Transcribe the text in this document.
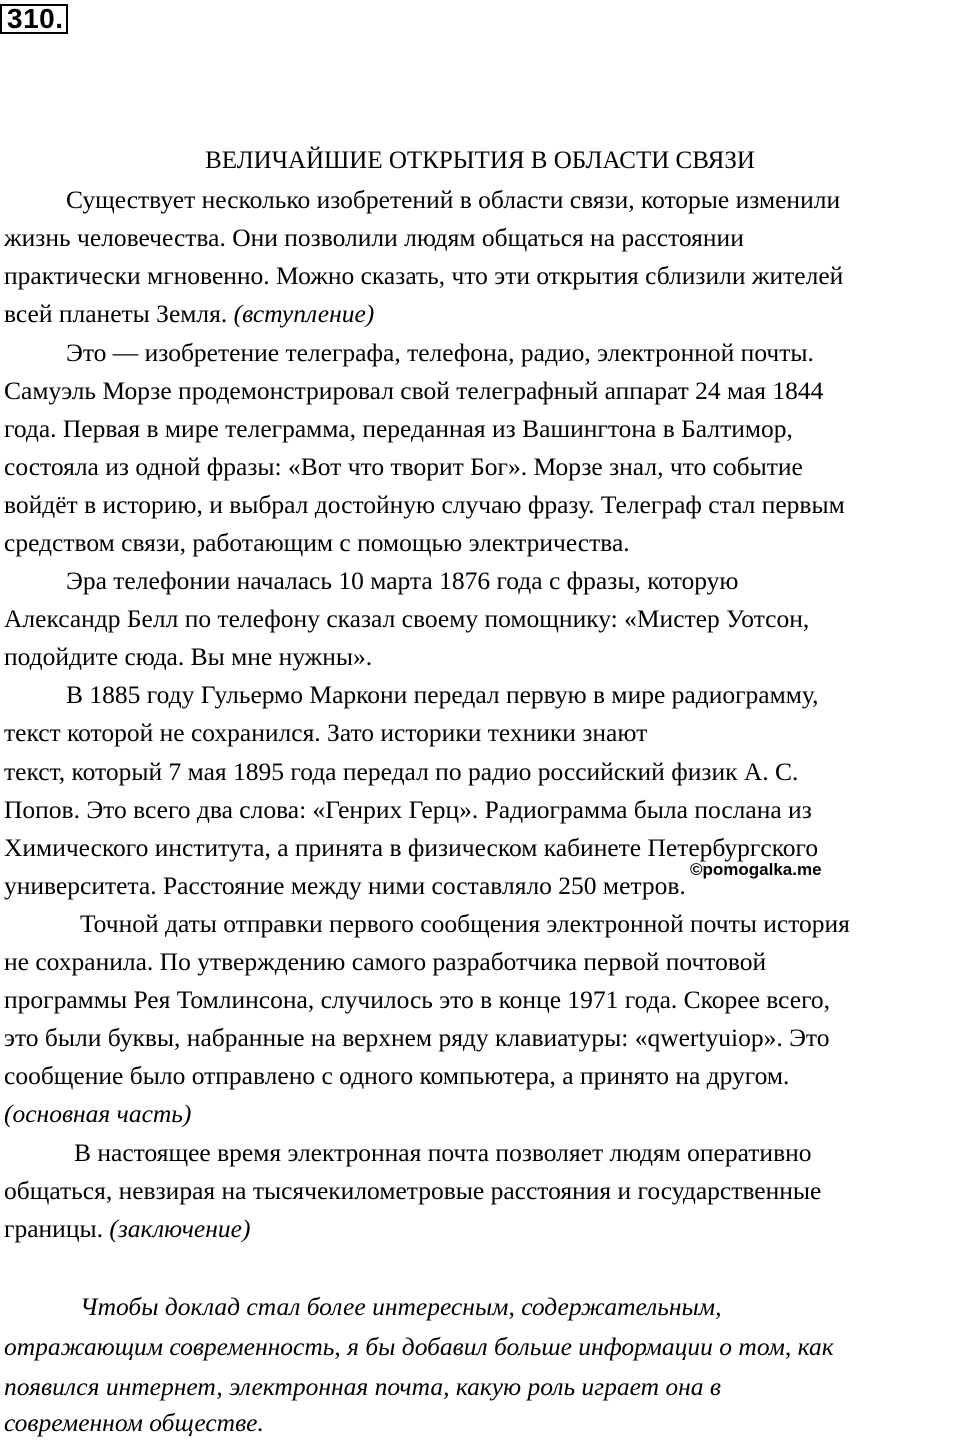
310.
ВЕЛИЧАЙШИЕ ОТКРЫТИЯ В ОБЛАСТИ СВЯЗИ
Существует несколько изобретений в области связи, которые изменили
жизнь человечества. Они позволили людям общаться на расстоянии
практически мгновенно. Можно сказать, что эти открытия сблизили жителей
всей планеты Земля. (вступление)
Это — изобретение телеграфа, телефона, радио, электронной почты.
Самуэль Морзе продемонстрировал свой телеграфный аппарат 24 мая 1844
года. Первая в мире телеграмма, переданная из Вашингтона в Балтимор,
состояла из одной фразы: «Вот что творит Бог». Морзе знал, что событие
войдёт в историю, и выбрал достойную случаю фразу. Телеграф стал первым
средством связи, работающим с помощью электричества.
Эра телефонии началась 10 марта 1876 года с фразы, которую
Александр Белл по телефону сказал своему помощнику: «Мистер Уотсон,
подойдите сюда. Вы мне нужны».
В 1885 году Гульермо Маркони передал первую в мире радиограмму,
текст которой не сохранился. Зато историки техники знают
текст, который 7 мая 1895 года передал по радио российский физик А. С.
Попов. Это всего два слова: «Генрих Герц». Радиограмма была послана из
Химического института, а принята в физическом кабинете Петербургского
университета. Расстояние между ними составляло 250 метров.
Точной даты отправки первого сообщения электронной почты история
не сохранила. По утверждению самого разработчика первой почтовой
программы Рея Томлинсона, случилось это в конце 1971 года. Скорее всего,
это были буквы, набранные на верхнем ряду клавиатуры: «qwertyuiop». Это
сообщение было отправлено с одного компьютера, а принято на другом.
(основная часть)
В настоящее время электронная почта позволяет людям оперативно
общаться, невзирая на тысячекилометровые расстояния и государственные
границы. (заключение)
Чтобы доклад стал более интересным, содержательным,
отражающим современность, я бы добавил больше информации о том, как
появился интернет, электронная почта, какую роль играет она в
современном обществе.
©pomogalka.me
